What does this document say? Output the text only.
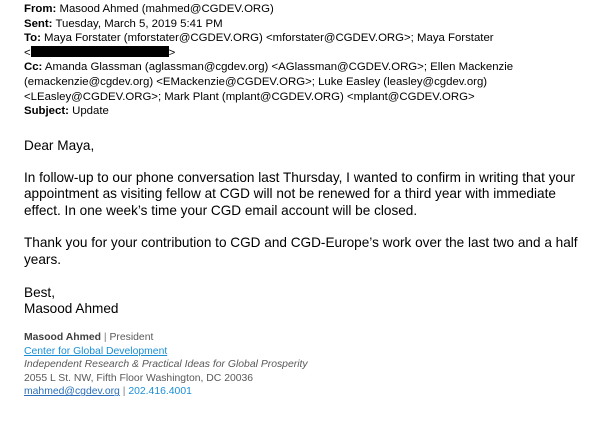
From: Masood Ahmed (mahmed@CGDEV.ORG)
Sent: Tuesday, March 5, 2019 5:41 PM
To: Maya Forstater (mforstater@CGDEV.ORG) <mforstater@CGDEV.ORG>; Maya Forstater
<	>
Cc: Amanda Glassman (aglassman@cgdev.org) <AGlassman@CGDEV.ORG>; Ellen Mackenzie
(emackenzie@cgdev.org) <EMackenzie@CGDEV.ORG>; Luke Easley (leasley@cgdev.org)
<LEasley@CGDEV.ORG>; Mark Plant (mplant@CGDEV.ORG) <mplant@CGDEV.ORG>
Subject: Update

Dear Maya,

In follow-up to our phone conversation last Thursday, I wanted to confirm in writing that your appointment as visiting fellow at CGD will not be renewed for a third year with immediate effect. In one week’s time your CGD email account will be closed.

Thank you for your contribution to CGD and CGD-Europe’s work over the last two and a half years.

Best,

Masood Ahmed

Masood Ahmed | President
Center for Global Development
Independent Research & Practical Ideas for Global Prosperity
2055 L St. NW, Fifth Floor Washington, DC 20036
mahmed@cgdev.org | 202.416.4001
